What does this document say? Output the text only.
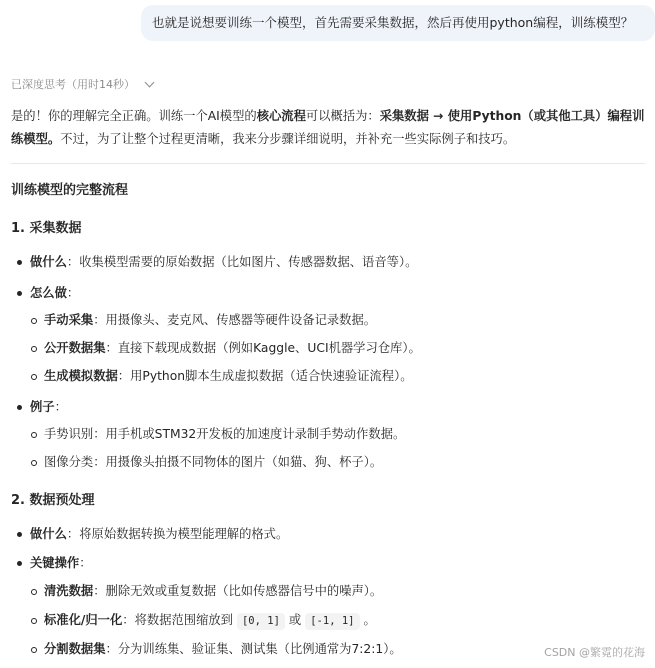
也就是说想要训练一个模型，首先需要采集数据，然后再使用python编程，训练模型？
已深度思考（用时14秒）
是的！你的理解完全正确。训练一个AI模型的核心流程可以概括为：采集数据 → 使用Python（或其他工具）编程训练模型。不过，为了让整个过程更清晰，我来分步骤详细说明，并补充一些实际例子和技巧。
训练模型的完整流程
1. 采集数据
做什么：收集模型需要的原始数据（比如图片、传感器数据、语音等）。
怎么做：
手动采集：用摄像头、麦克风、传感器等硬件设备记录数据。
公开数据集：直接下载现成数据（例如Kaggle、UCI机器学习仓库）。
生成模拟数据：用Python脚本生成虚拟数据（适合快速验证流程）。
例子：
手势识别：用手机或STM32开发板的加速度计录制手势动作数据。
图像分类：用摄像头拍摄不同物体的图片（如猫、狗、杯子）。
2. 数据预处理
做什么：将原始数据转换为模型能理解的格式。
关键操作：
清洗数据：删除无效或重复数据（比如传感器信号中的噪声）。
标准化/归一化：将数据范围缩放到 [0, 1] 或 [-1, 1] 。
分割数据集：分为训练集、验证集、测试集（比例通常为7:2:1）。	CSDN @繁霓的花海
